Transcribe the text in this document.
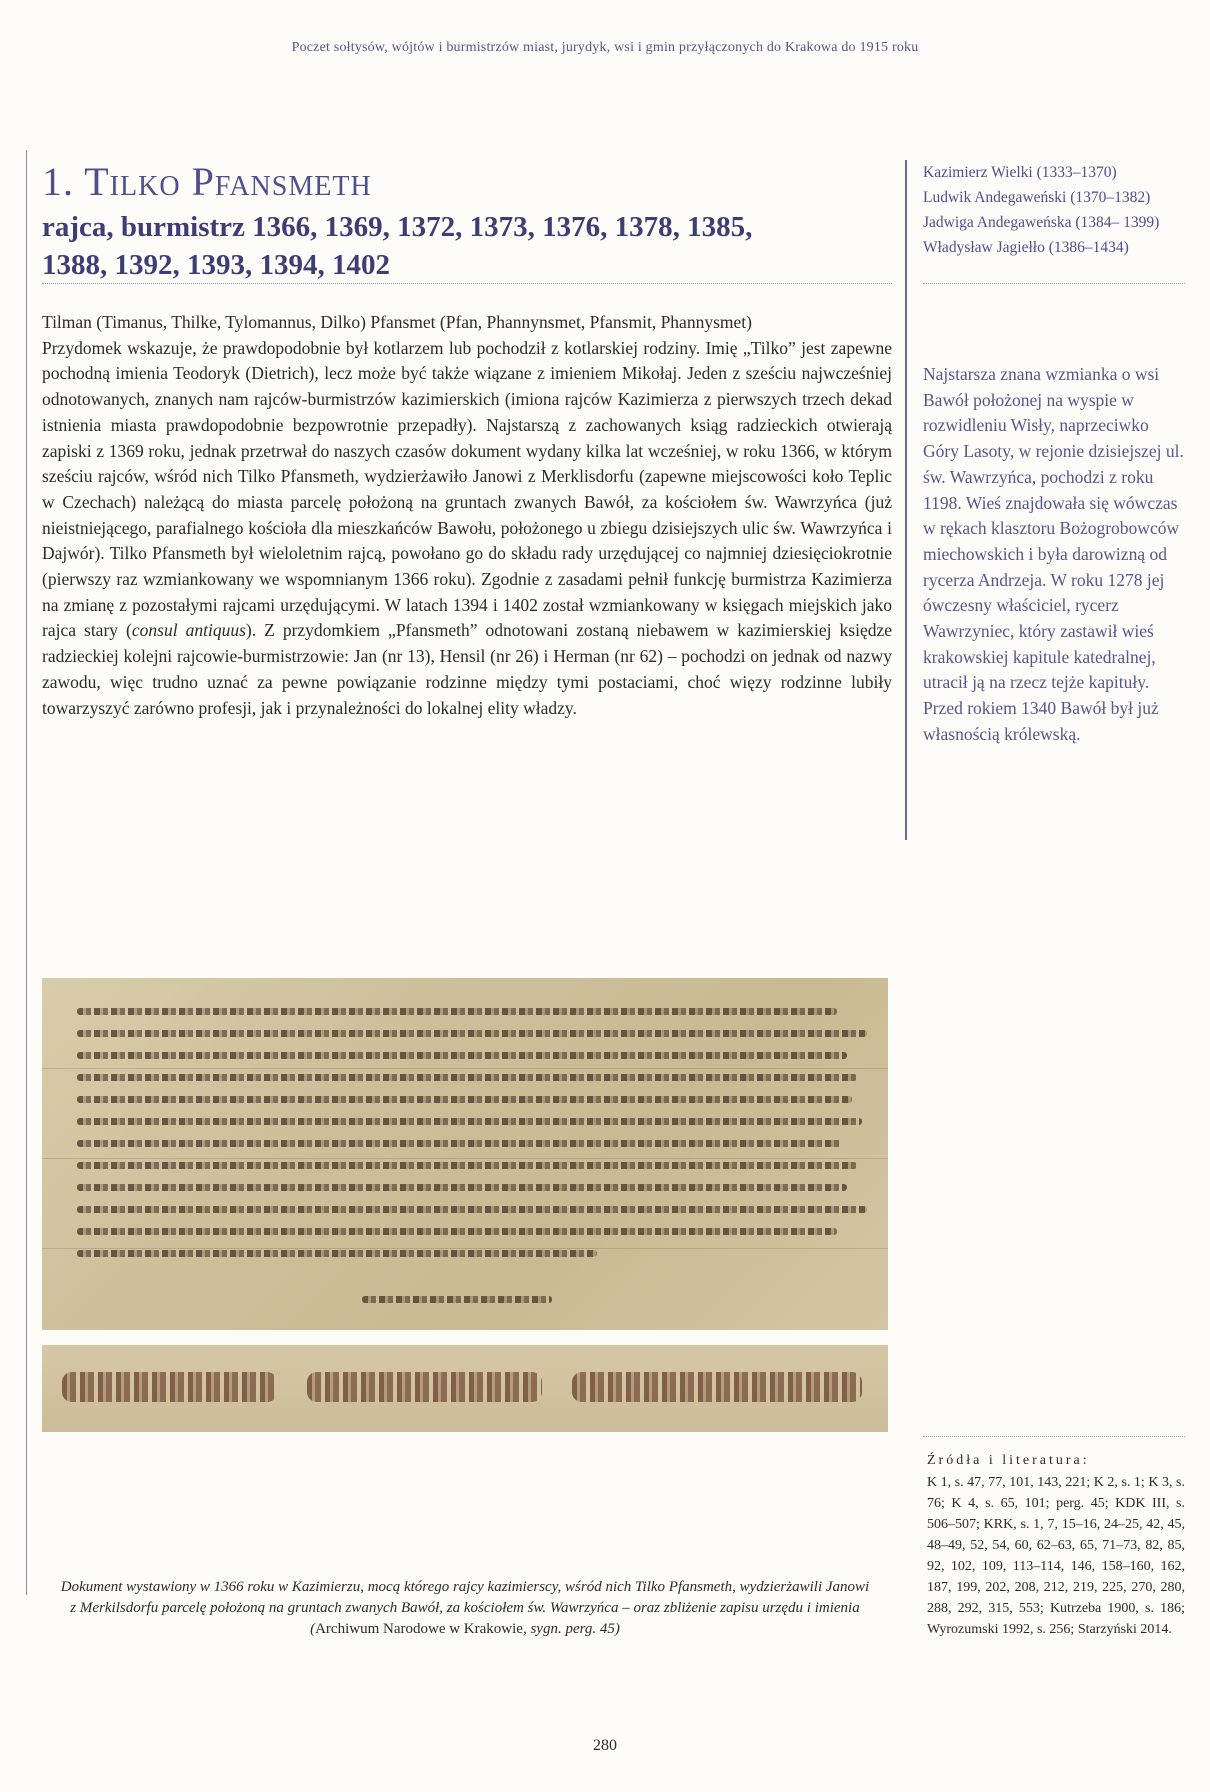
Poczet sołtysów, wójtów i burmistrzów miast, jurydyk, wsi i gmin przyłączonych do Krakowa do 1915 roku
1. Tilko Pfansmeth
rajca, burmistrz 1366, 1369, 1372, 1373, 1376, 1378, 1385,
1388, 1392, 1393, 1394, 1402
Kazimierz Wielki (1333–1370)
Ludwik Andegaweński (1370–1382)
Jadwiga Andegaweńska (1384– 1399)
Władysław Jagiełło (1386–1434)

Tilman (Timanus, Thilke, Tylomannus, Dilko) Pfansmet (Pfan, Phannynsmet, Pfansmit, Phannysmet)

Przydomek wskazuje, że prawdopodobnie był kotlarzem lub pochodził z kotlarskiej rodziny. Imię „Tilko” jest zapewne pochodną imienia Teodoryk (Dietrich), lecz może być także wiązane z imieniem Mikołaj. Jeden z sześciu najwcześniej odnotowanych, znanych nam rajców-burmistrzów kazimierskich (imiona rajców Kazimierza z pierwszych trzech dekad istnienia miasta prawdopodobnie bezpowrotnie przepadły). Najstarszą z zachowanych ksiąg radzieckich otwierają zapiski z 1369 roku, jednak przetrwał do naszych czasów dokument wydany kilka lat wcześniej, w roku 1366, w którym sześciu rajców, wśród nich Tilko Pfansmeth, wydzierżawiło Janowi z Merklisdorfu (zapewne miejscowości koło Teplic w Czechach) należącą do miasta parcelę położoną na gruntach zwanych Bawół, za kościołem św. Wawrzyńca (już nieistniejącego, parafialnego kościoła dla mieszkańców Bawołu, położonego u zbiegu dzisiejszych ulic św. Wawrzyńca i Dajwór). Tilko Pfansmeth był wieloletnim rajcą, powołano go do składu rady urzędującej co najmniej dziesięciokrotnie (pierwszy raz wzmiankowany we wspomnianym 1366 roku). Zgodnie z zasadami pełnił funkcję burmistrza Kazimierza na zmianę z pozostałymi rajcami urzędującymi. W latach 1394 i 1402 został wzmiankowany w księgach miejskich jako rajca stary (consul antiquus). Z przydomkiem „Pfansmeth” odnotowani zostaną niebawem w kazimierskiej księdze radzieckiej kolejni rajcowie-burmistrzowie: Jan (nr 13), Hensil (nr 26) i Herman (nr 62) – pochodzi on jednak od nazwy zawodu, więc trudno uznać za pewne powiązanie rodzinne między tymi postaciami, choć więzy rodzinne lubiły towarzyszyć zarówno profesji, jak i przynależności do lokalnej elity władzy.

Najstarsza znana wzmianka o wsi Bawół położonej na wyspie w rozwidleniu Wisły, naprzeciwko Góry Lasoty, w rejonie dzisiejszej ul. św. Wawrzyńca, pochodzi z roku 1198. Wieś znajdowała się wówczas w rękach klasztoru Bożogrobowców miechowskich i była darowizną od rycerza Andrzeja. W roku 1278 jej ówczesny właściciel, rycerz Wawrzyniec, który zastawił wieś krakowskiej kapitule katedralnej, utracił ją na rzecz tejże kapituły. Przed rokiem 1340 Bawół był już własnością królewską.
Dokument wystawiony w 1366 roku w Kazimierzu, mocą którego rajcy kazimierscy, wśród nich Tilko Pfansmeth, wydzierżawili Janowi z Merkilsdorfu parcelę położoną na gruntach zwanych Bawół, za kościołem św. Wawrzyńca – oraz zbliżenie zapisu urzędu i imienia (Archiwum Narodowe w Krakowie, sygn. perg. 45)
Źródła i literatura:
K 1, s. 47, 77, 101, 143, 221; K 2, s. 1; K 3, s. 76; K 4, s. 65, 101; perg. 45; KDK III, s. 506–507; KRK, s. 1, 7, 15–16, 24–25, 42, 45, 48–49, 52, 54, 60, 62–63, 65, 71–73, 82, 85, 92, 102, 109, 113–114, 146, 158–160, 162, 187, 199, 202, 208, 212, 219, 225, 270, 280, 288, 292, 315, 553; Kutrzeba 1900, s. 186; Wyrozumski 1992, s. 256; Starzyński 2014.
280
